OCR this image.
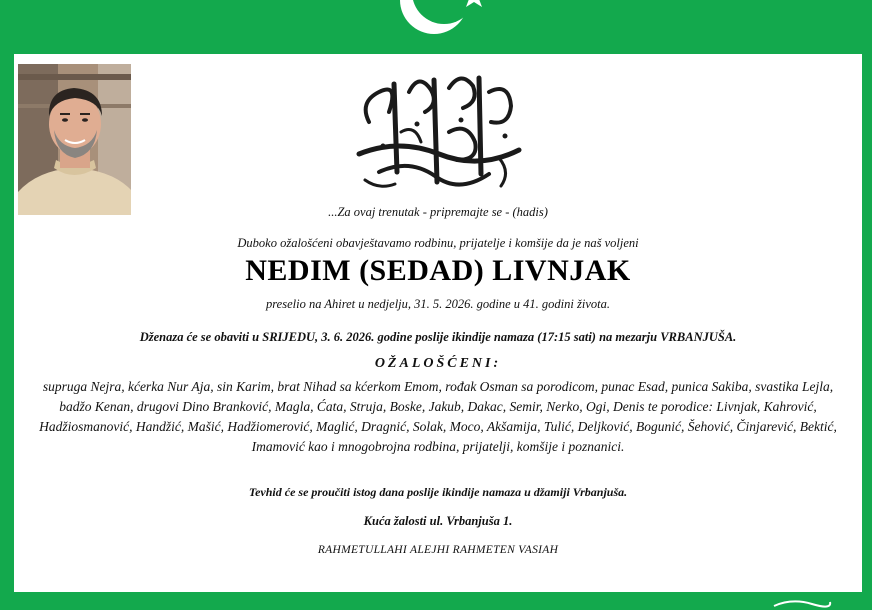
...Za ovaj trenutak - pripremajte se - (hadis)
Duboko ožalošćeni obavještavamo rodbinu, prijatelje i komšije da je naš voljeni
NEDIM (SEDAD) LIVNJAK
preselio na Ahiret u nedjelju, 31. 5. 2026. godine u 41. godini života.
Dženaza će se obaviti u SRIJEDU, 3. 6. 2026. godine poslije ikindije namaza (17:15 sati) na mezarju VRBANJUŠA.
OŽALOŠĆENI:
supruga Nejra, kćerka Nur Aja, sin Karim, brat Nihad sa kćerkom Emom, rođak Osman sa porodicom, punac Esad, punica Sakiba, svastika Lejla, badžo Kenan, drugovi Dino Branković, Magla, Ćata, Struja, Boske, Jakub, Dakac, Semir, Nerko, Ogi, Denis te porodice: Livnjak, Kahrović, Hadžiosmanović, Handžić, Mašić, Hadžiomerović, Maglić, Dragnić, Solak, Moco, Akšamija, Tulić, Deljković, Bogunić, Šehović, Činjarević, Bektić, Imamović kao i mnogobrojna rodbina, prijatelji, komšije i poznanici.
Tevhid će se proučiti istog dana poslije ikindije namaza u džamiji Vrbanjuša.
Kuća žalosti ul. Vrbanjuša 1.
RAHMETULLAHI ALEJHI RAHMETEN VASIAH
